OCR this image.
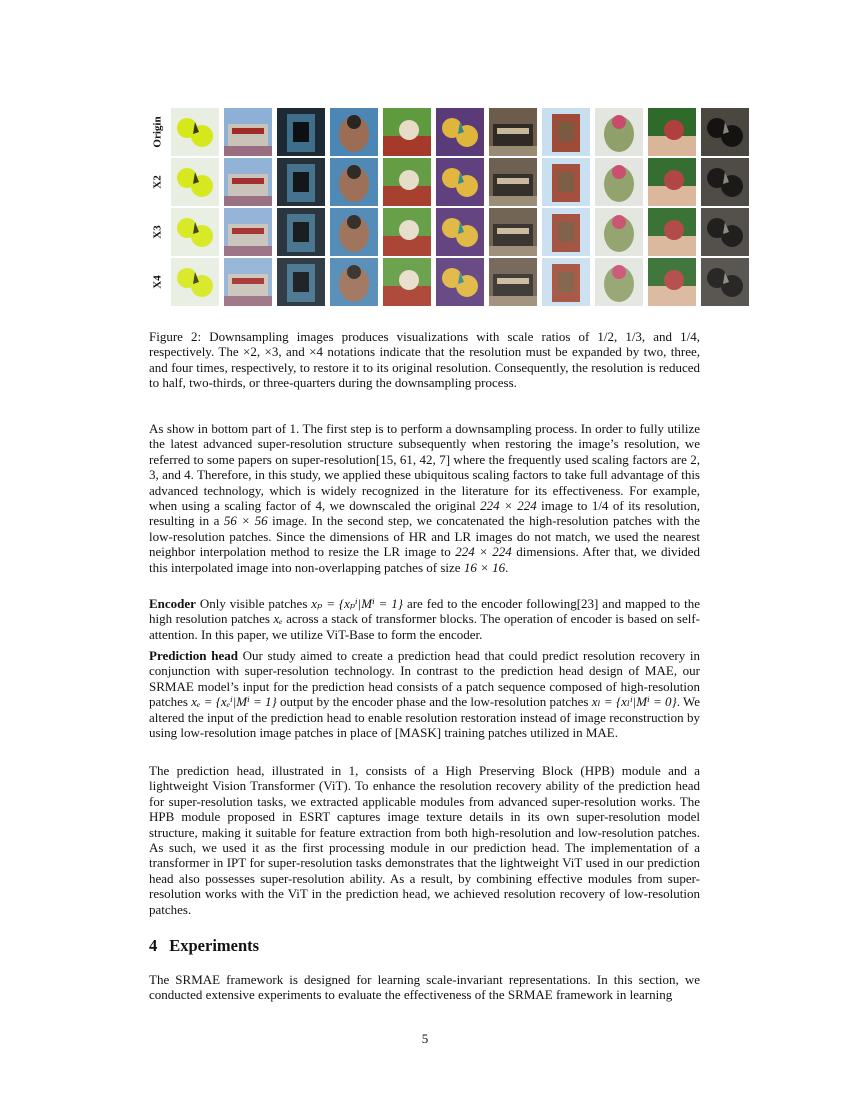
Origin
X2
X3
X4

Figure 2: Downsampling images produces visualizations with scale ratios of 1/2, 1/3, and 1/4, respectively. The ×2, ×3, and ×4 notations indicate that the resolution must be expanded by two, three, and four times, respectively, to restore it to its original resolution. Consequently, the resolution is reduced to half, two-thirds, or three-quarters during the downsampling process.

As show in bottom part of 1. The first step is to perform a downsampling process. In order to fully utilize the latest advanced super-resolution structure subsequently when restoring the image’s resolution, we referred to some papers on super-resolution[15, 61, 42, 7] where the frequently used scaling factors are 2, 3, and 4. Therefore, in this study, we applied these ubiquitous scaling factors to take full advantage of this advanced technology, which is widely recognized in the literature for its effectiveness. For example, when using a scaling factor of 4, we downscaled the original 224 × 224 image to 1/4 of its resolution, resulting in a 56 × 56 image. In the second step, we concatenated the high-resolution patches with the low-resolution patches. Since the dimensions of HR and LR images do not match, we used the nearest neighbor interpolation method to resize the LR image to 224 × 224 dimensions. After that, we divided this interpolated image into non-overlapping patches of size 16 × 16.

Encoder Only visible patches xₚ = {xₚⁱ|Mⁱ = 1} are fed to the encoder following[23] and mapped to the high resolution patches xₑ across a stack of transformer blocks. The operation of encoder is based on self-attention. In this paper, we utilize ViT-Base to form the encoder.

Prediction head Our study aimed to create a prediction head that could predict resolution recovery in conjunction with super-resolution technology. In contrast to the prediction head design of MAE, our SRMAE model’s input for the prediction head consists of a patch sequence composed of high-resolution patches xₑ = {xₑⁱ|Mⁱ = 1} output by the encoder phase and the low-resolution patches xₗ = {xₗⁱ|Mⁱ = 0}. We altered the input of the prediction head to enable resolution restoration instead of image reconstruction by using low-resolution image patches in place of [MASK] training patches utilized in MAE.

The prediction head, illustrated in 1, consists of a High Preserving Block (HPB) module and a lightweight Vision Transformer (ViT). To enhance the resolution recovery ability of the prediction head for super-resolution tasks, we extracted applicable modules from advanced super-resolution works. The HPB module proposed in ESRT captures image texture details in its own super-resolution model structure, making it suitable for feature extraction from both high-resolution and low-resolution patches. As such, we used it as the first processing module in our prediction head. The implementation of a transformer in IPT for super-resolution tasks demonstrates that the lightweight ViT used in our prediction head also possesses super-resolution ability. As a result, by combining effective modules from super-resolution works with the ViT in the prediction head, we achieved resolution recovery of low-resolution patches.

4 Experiments

The SRMAE framework is designed for learning scale-invariant representations. In this section, we conducted extensive experiments to evaluate the effectiveness of the SRMAE framework in learning

5
